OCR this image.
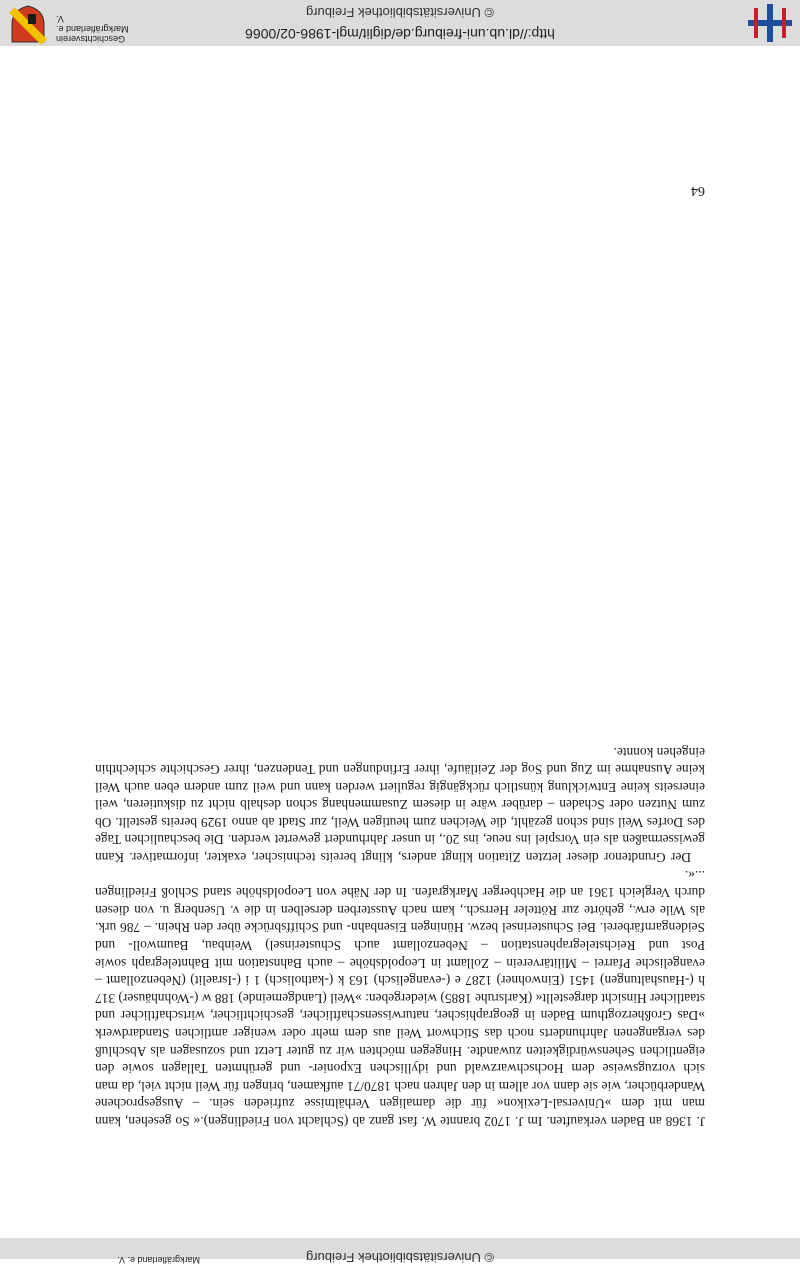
http://dl.ub.uni-freiburg.de/diglit/mgl-1986-02/0066
© Universitätsbibliothek Freiburg
Geschichtsverein
Markgräflerland e. V.

J. 1368 an Baden verkauften. Im J. 1702 brannte W. fast ganz ab (Schlacht von Friedlingen).« So gesehen, kann man mit dem »Universal-Lexikon« für die damaligen Verhältnisse zufrieden sein. – Ausgesprochene Wanderbücher, wie sie dann vor allem in den Jahren nach 1870/71 aufkamen, bringen für Weil nicht viel, da man sich vorzugsweise dem Hochschwarzwald und idyllischen Exponier- und gerühmten Tallagen sowie den eigentlichen Sehenswürdigkeiten zuwandte. Hingegen möchten wir zu guter Letzt und sozusagen als Abschluß des vergangenen Jahrhunderts noch das Stichwort Weil aus dem mehr oder weniger amtlichen Standardwerk »Das Großherzogthum Baden in geographischer, naturwissenschaftlicher, geschichtlicher, wirtschaftlicher und staatlicher Hinsicht dargestellt« (Karlsruhe 1885) wiedergeben: »Weil (Landgemeinde) 188 w (-Wohnhäuser) 317 h (-Haushaltungen) 1451 (Einwohner) 1287 e (-evangelisch) 163 k (-katholisch) 1 i (-Israelit) (Nebenzollamt – evangelische Pfarrei – Militärverein – Zollamt in Leopoldshöhe – auch Bahnstation mit Bahntelegraph sowie Post und Reichstelegraphenstation – Nebenzollamt auch Schusterinsel) Weinbau, Baumwoll- und Seidengarnfärberei. Bei Schusterinsel bezw. Hüningen Eisenbahn- und Schiffsbrücke über den Rhein. – 786 urk. als Wile erw., gehörte zur Rötteler Herrsch., kam nach Aussterben derselben in die v. Usenberg u. von diesen durch Vergleich 1361 an die Hachberger Markgrafen. In der Nähe von Leopoldshöhe stand Schloß Friedlingen ...«.

Der Grundtenor dieser letzten Zitation klingt anders, klingt bereits technischer, exakter, informativer. Kann gewissermaßen als ein Vorspiel ins neue, ins 20., in unser Jahrhundert gewertet werden. Die beschaulichen Tage des Dorfes Weil sind schon gezählt, die Weichen zum heutigen Weil, zur Stadt ab anno 1929 bereits gestellt. Ob zum Nutzen oder Schaden – darüber wäre in diesem Zusammenhang schon deshalb nicht zu diskutieren, weil einerseits keine Entwicklung künstlich rückgängig reguliert werden kann und weil zum andern eben auch Weil keine Ausnahme im Zug und Sog der Zeitläufe, ihrer Erfindungen und Tendenzen, ihrer Geschichte schlechthin eingehen konnte.

64
© Universitätsbibliothek Freiburg
Markgräflerland e. V.
